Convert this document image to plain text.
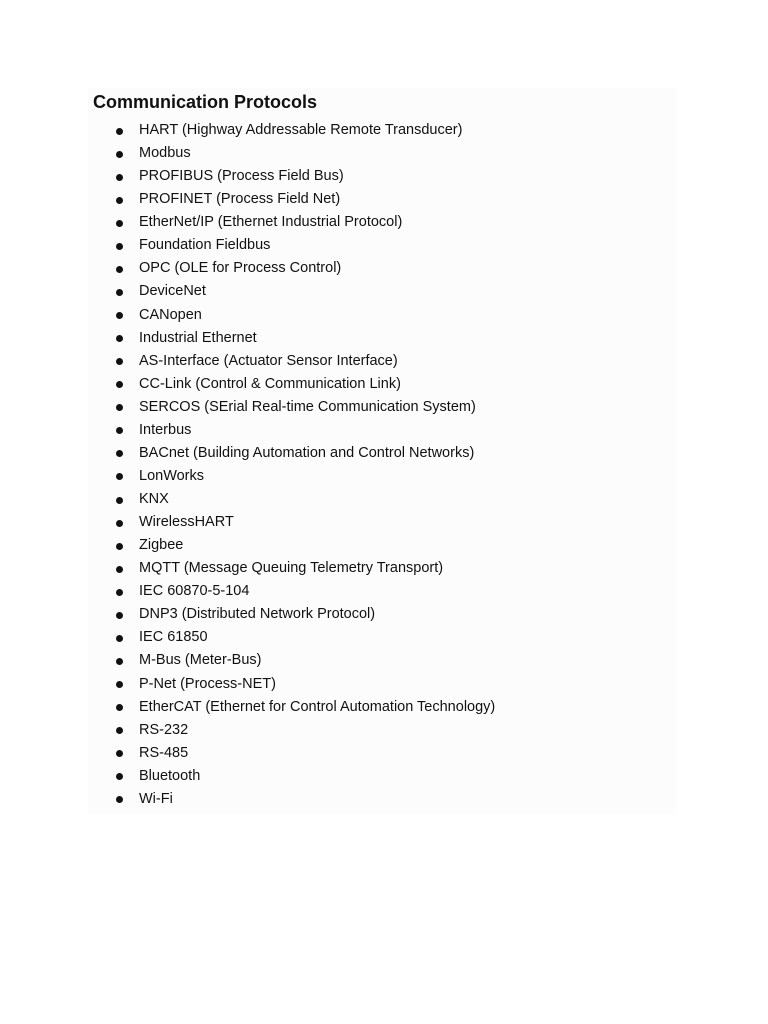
Communication Protocols
HART (Highway Addressable Remote Transducer)
Modbus
PROFIBUS (Process Field Bus)
PROFINET (Process Field Net)
EtherNet/IP (Ethernet Industrial Protocol)
Foundation Fieldbus
OPC (OLE for Process Control)
DeviceNet
CANopen
Industrial Ethernet
AS-Interface (Actuator Sensor Interface)
CC-Link (Control & Communication Link)
SERCOS (SErial Real-time Communication System)
Interbus
BACnet (Building Automation and Control Networks)
LonWorks
KNX
WirelessHART
Zigbee
MQTT (Message Queuing Telemetry Transport)
IEC 60870-5-104
DNP3 (Distributed Network Protocol)
IEC 61850
M-Bus (Meter-Bus)
P-Net (Process-NET)
EtherCAT (Ethernet for Control Automation Technology)
RS-232
RS-485
Bluetooth
Wi-Fi
